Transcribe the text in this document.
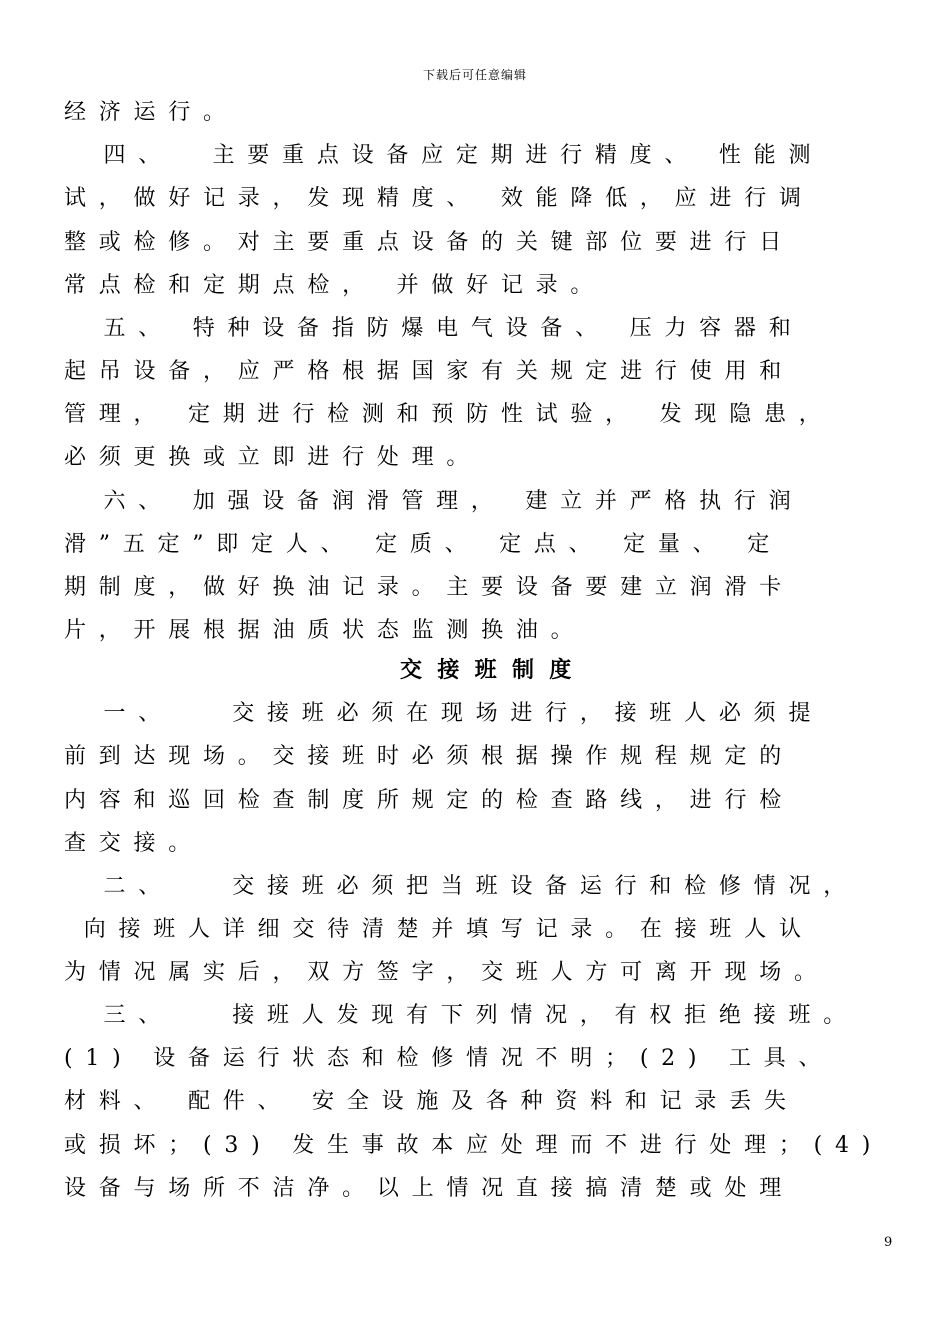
下载后可任意编辑
经济运行。
四、  主要重点设备应定期进行精度、 性能测
试，做好记录，发现精度、 效能降低，应进行调
整或检修。对主要重点设备的关键部位要进行日
常点检和定期点检， 并做好记录。
五、 特种设备指防爆电气设备、 压力容器和
起吊设备，应严格根据国家有关规定进行使用和
管理， 定期进行检测和预防性试验， 发现隐患，
必须更换或立即进行处理。
六、 加强设备润滑管理， 建立并严格执行润
滑”五定”即定人、 定质、 定点、 定量、 定
期制度，做好换油记录。主要设备要建立润滑卡
片，开展根据油质状态监测换油。
交  接  班  制  度
一、   交接班必须在现场进行，接班人必须提
前到达现场。交接班时必须根据操作规程规定的
内容和巡回检查制度所规定的检查路线，进行检
查交接。
二、   交接班必须把当班设备运行和检修情况，
向接班人详细交待清楚并填写记录。在接班人认
为情况属实后，双方签字，交班人方可离开现场。
三、   接班人发现有下列情况，有权拒绝接班。
(1) 设备运行状态和检修情况不明；(2) 工具、
材料、 配件、 安全设施及各种资料和记录丢失
或损坏；(3) 发生事故本应处理而不进行处理；(4)
设备与场所不洁净。以上情况直接搞清楚或处理
9
